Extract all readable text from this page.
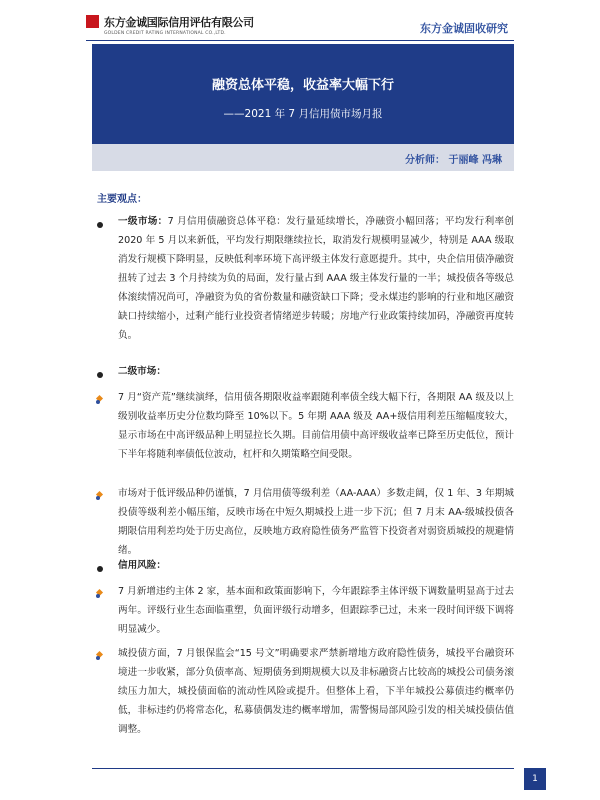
东方金诚国际信用评估有限公司
GOLDEN CREDIT RATING INTERNATIONAL CO.,LTD.	东方金诚固收研究
融资总体平稳，收益率大幅下行
——2021 年 7 月信用债市场月报
分析师： 于丽峰 冯琳
主要观点：
一级市场：7 月信用债融资总体平稳：发行量延续增长，净融资小幅回落；平均发行利率创 2020 年 5 月以来新低，平均发行期限继续拉长，取消发行规模明显减少，特别是 AAA 级取消发行规模下降明显，反映低利率环境下高评级主体发行意愿提升。其中，央企信用债净融资扭转了过去 3 个月持续为负的局面，发行量占到 AAA 级主体发行量的一半；城投债各等级总体滚续情况尚可，净融资为负的省份数量和融资缺口下降；受永煤违约影响的行业和地区融资缺口持续缩小，过剩产能行业投资者情绪逆步转暖；房地产行业政策持续加码，净融资再度转负。
二级市场：
7 月“资产荒”继续演绎，信用债各期限收益率跟随利率债全线大幅下行，各期限 AA 级及以上级别收益率历史分位数均降至 10%以下。5 年期 AAA 级及 AA+级信用利差压缩幅度较大，显示市场在中高评级品种上明显拉长久期。目前信用债中高评级收益率已降至历史低位，预计下半年将随利率债低位波动，杠杆和久期策略空间受限。
市场对于低评级品种仍谨慎，7 月信用债等级利差（AA-AAA）多数走阔，仅 1 年、3 年期城投债等级利差小幅压缩，反映市场在中短久期城投上进一步下沉；但 7 月末 AA-级城投债各期限信用利差均处于历史高位，反映地方政府隐性债务严监管下投资者对弱资质城投的规避情绪。
信用风险：
7 月新增违约主体 2 家，基本面和政策面影响下，今年跟踪季主体评级下调数量明显高于过去两年。评级行业生态面临重塑，负面评级行动增多，但跟踪季已过，未来一段时间评级下调将明显减少。
城投债方面，7 月银保监会“15 号文”明确要求严禁新增地方政府隐性债务，城投平台融资环境进一步收紧，部分负债率高、短期债务到期规模大以及非标融资占比较高的城投公司债务滚续压力加大，城投债面临的流动性风险或提升。但整体上看，下半年城投公募债违约概率仍低，非标违约仍将常态化，私募债偶发违约概率增加，需警惕局部风险引发的相关城投债估值调整。
1
